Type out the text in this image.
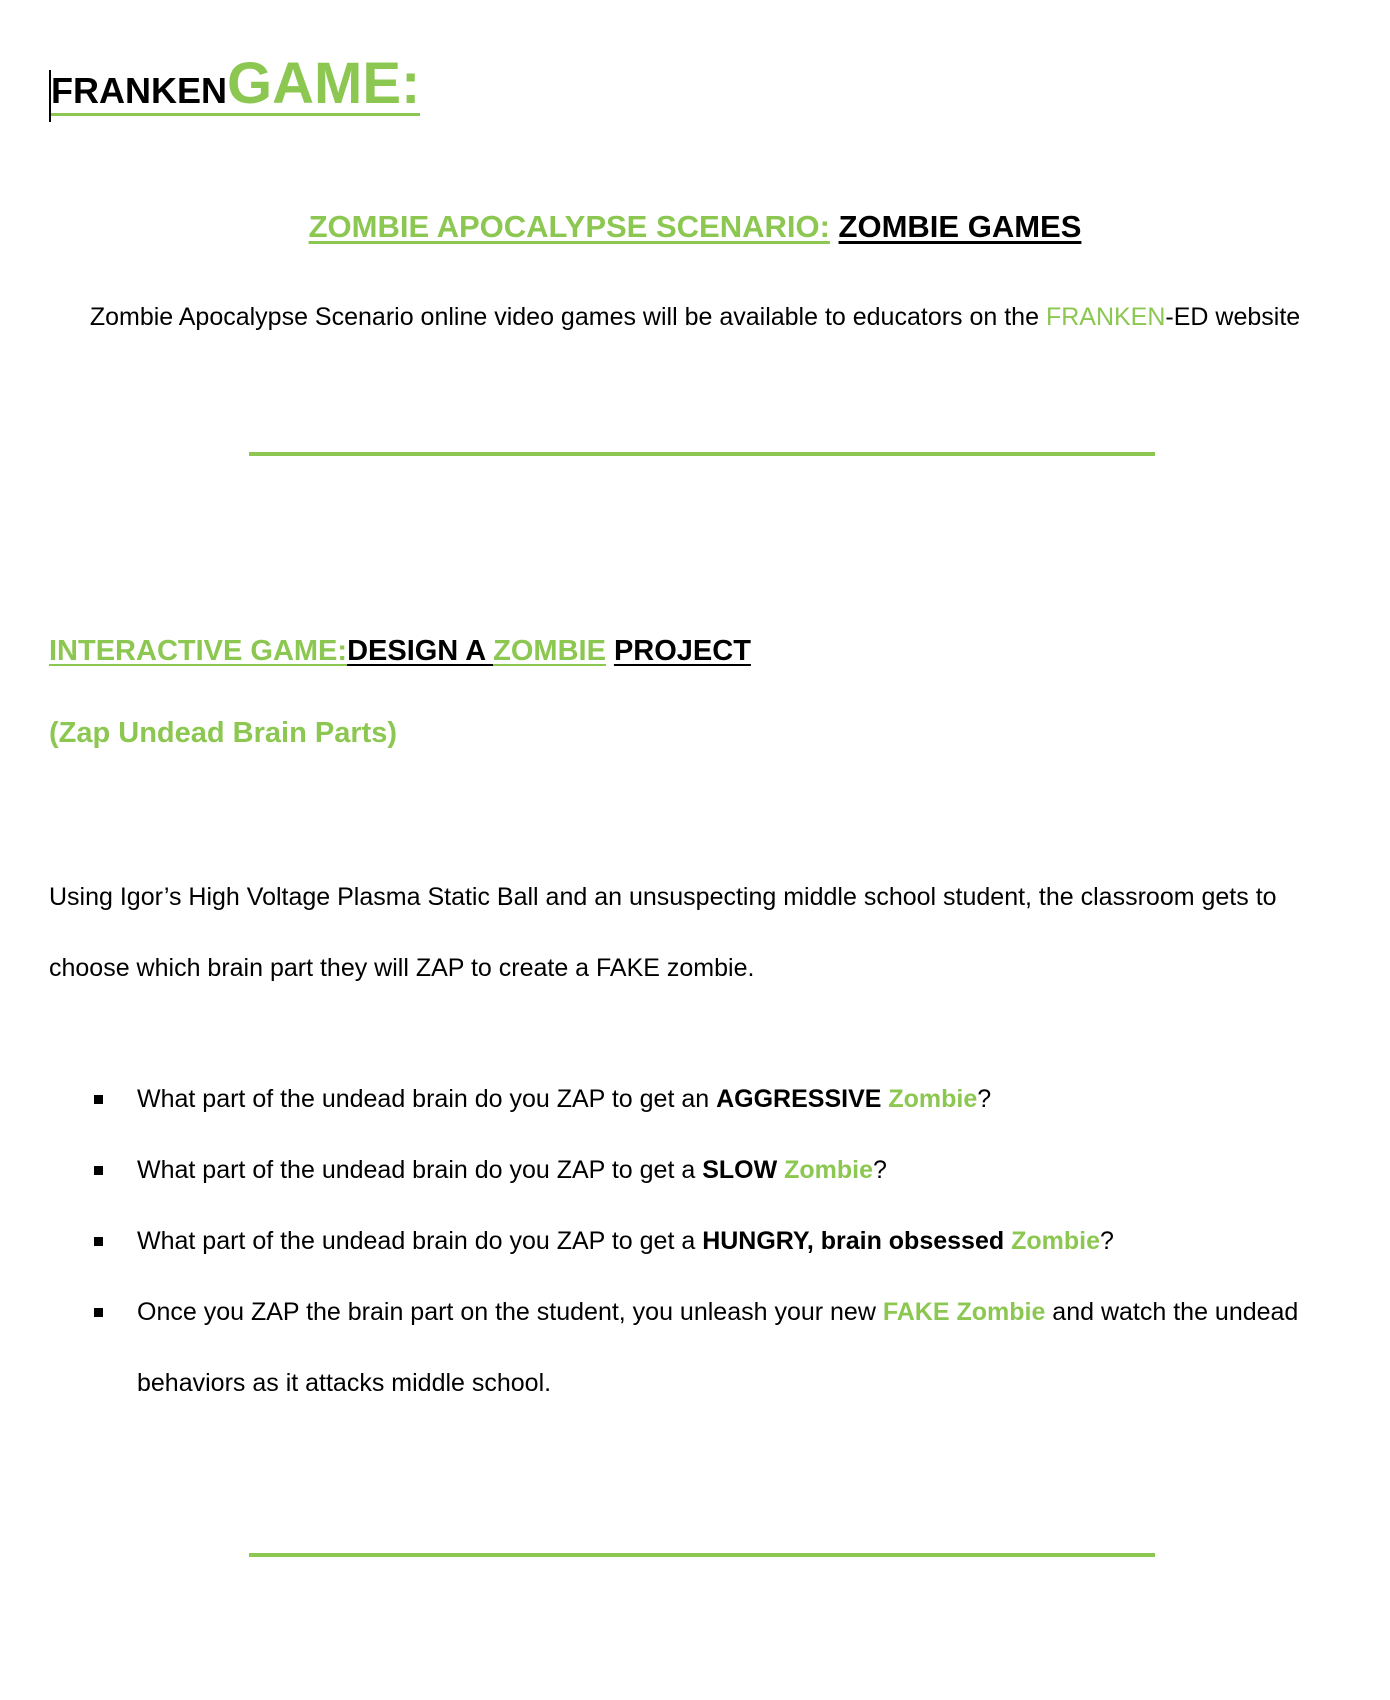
FRANKENGAME:
ZOMBIE APOCALYPSE SCENARIO: ZOMBIE GAMES
Zombie Apocalypse Scenario online video games will be available to educators on the FRANKEN-ED website
INTERACTIVE GAME:DESIGN A ZOMBIE PROJECT
(Zap Undead Brain Parts)
Using Igor’s High Voltage Plasma Static Ball and an unsuspecting middle school student, the classroom gets to choose which brain part they will ZAP to create a FAKE zombie.
What part of the undead brain do you ZAP to get an AGGRESSIVE Zombie?
What part of the undead brain do you ZAP to get a SLOW Zombie?
What part of the undead brain do you ZAP to get a HUNGRY, brain obsessed Zombie?
Once you ZAP the brain part on the student, you unleash your new FAKE Zombie and watch the undead behaviors as it attacks middle school.
